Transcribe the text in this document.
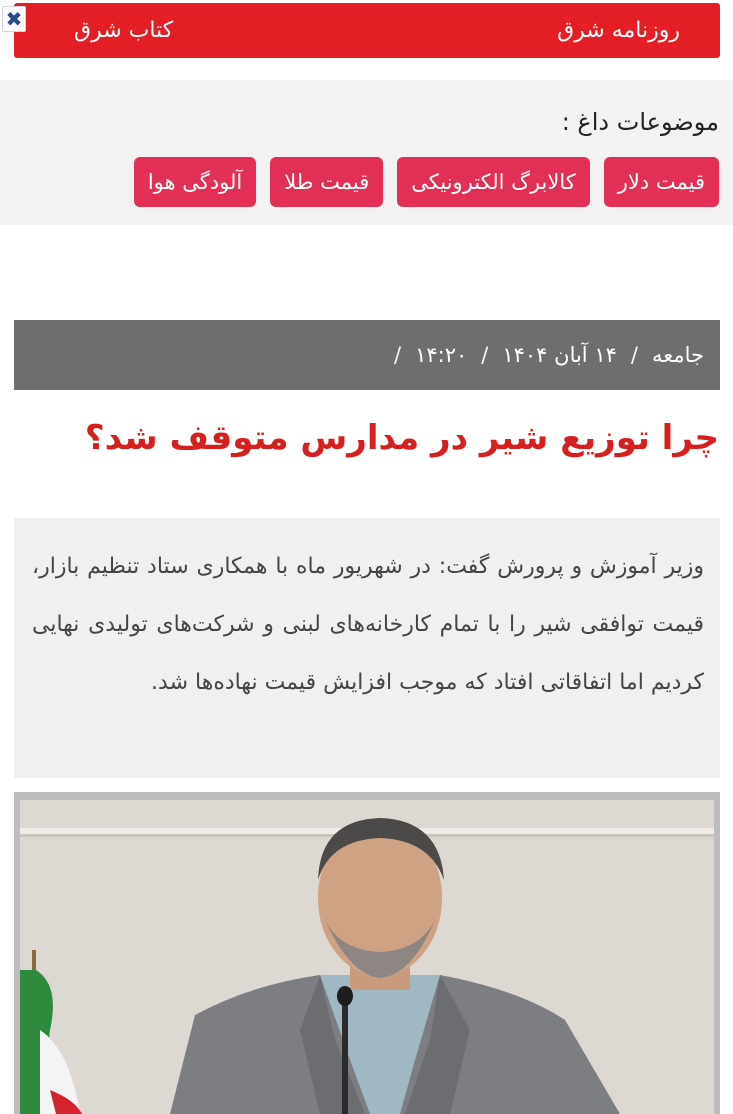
روزنامه شرق
کتاب شرق
✖
موضوعات داغ :
قیمت دلار
کالابرگ الکترونیکی
قیمت طلا
آلودگی هوا
جامعه
/
۱۴ آبان ۱۴۰۴
/
۱۴:۲۰
/
چرا توزیع شیر در مدارس متوقف شد؟
وزیر آموزش و پرورش گفت: در شهریور ماه با همکاری ستاد تنظیم بازار، قیمت توافقی شیر را با تمام کارخانه‌های لبنی و شرکت‌های تولیدی نهایی کردیم اما اتفاقاتی افتاد که موجب افزایش قیمت نهاده‌ها شد.
